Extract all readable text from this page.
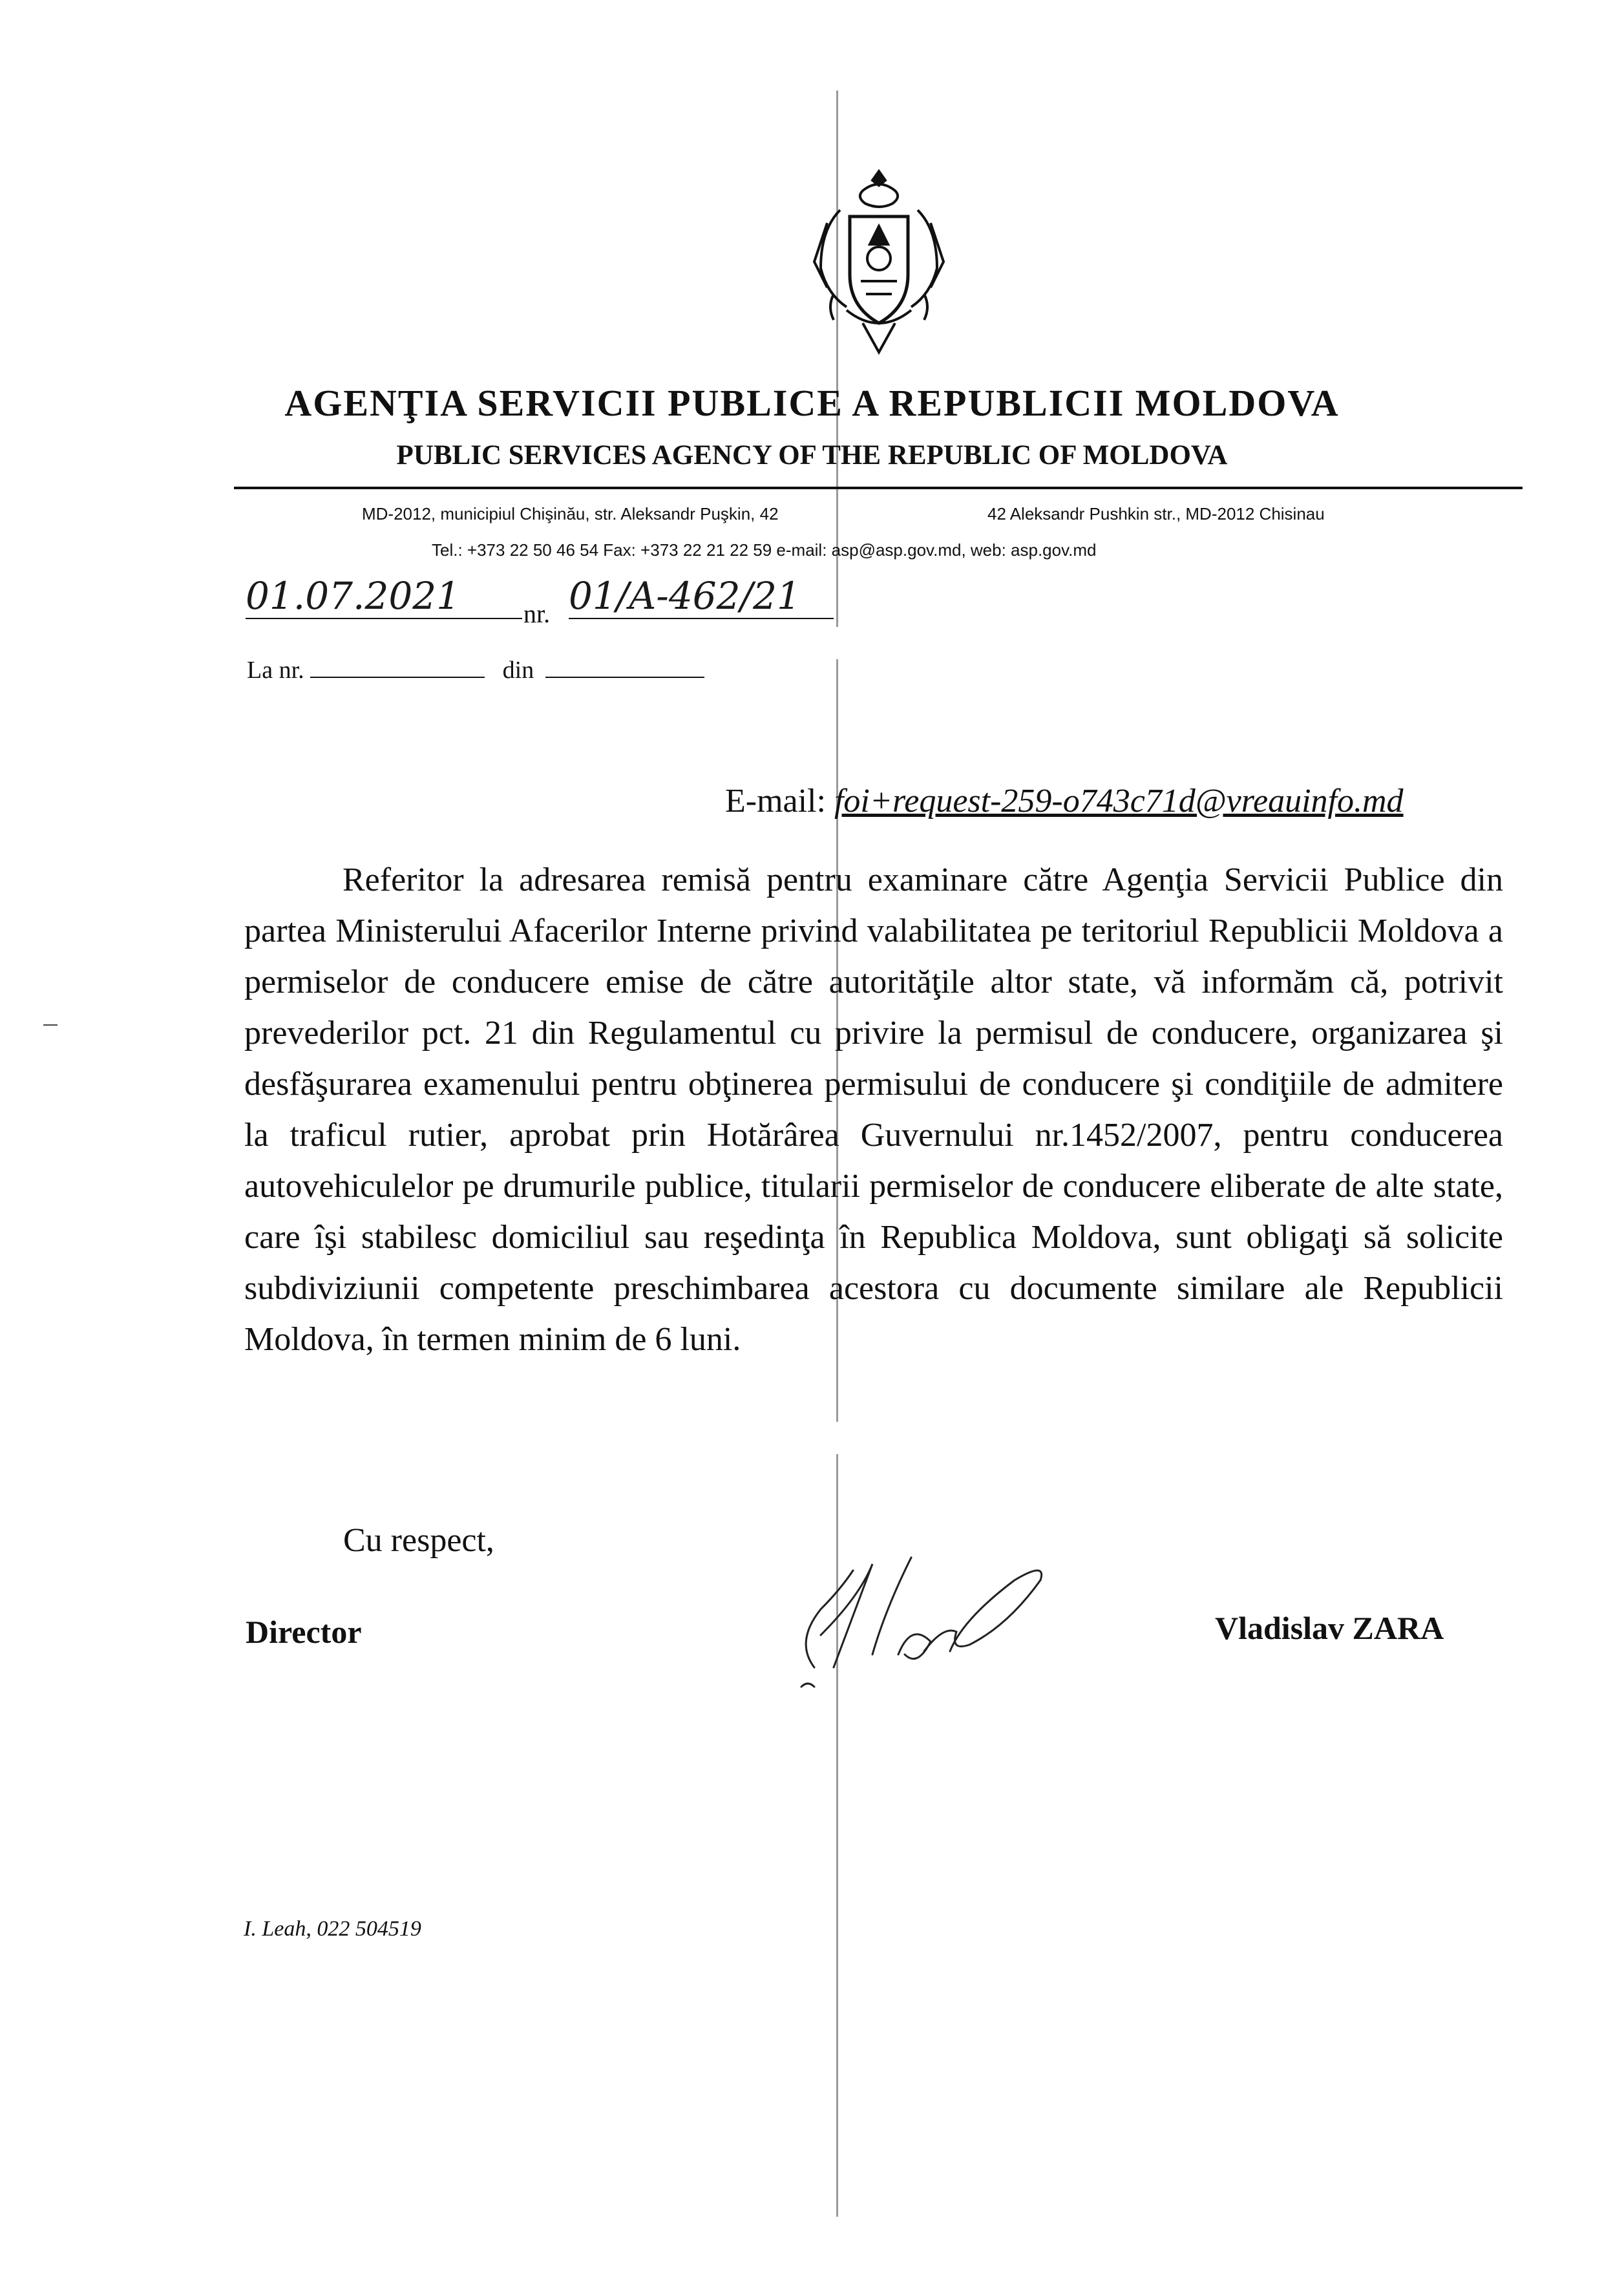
AGENŢIA SERVICII PUBLICE A REPUBLICII MOLDOVA
PUBLIC SERVICES AGENCY OF THE REPUBLIC OF MOLDOVA
MD-2012, municipiul Chişinău, str. Aleksandr Puşkin, 42	42 Aleksandr Pushkin str., MD-2012 Chisinau
Tel.: +373 22 50 46 54 Fax: +373 22 21 22 59 e-mail: asp@asp.gov.md, web: asp.gov.md
01.07.2021	nr. 01/A-462/21
La nr.	din
E-mail: foi+request-259-o743c71d@vreauinfo.md
Referitor la adresarea remisă pentru examinare către Agenţia Servicii Publice din partea Ministerului Afacerilor Interne privind valabilitatea pe teritoriul Republicii Moldova a permiselor de conducere emise de către autorităţile altor state, vă informăm că, potrivit prevederilor pct. 21 din Regulamentul cu privire la permisul de conducere, organizarea şi desfăşurarea examenului pentru obţinerea permisului de conducere şi condiţiile de admitere la traficul rutier, aprobat prin Hotărârea Guvernului nr.1452/2007, pentru conducerea autovehiculelor pe drumurile publice, titularii permiselor de conducere eliberate de alte state, care îşi stabilesc domiciliul sau reşedinţa în Republica Moldova, sunt obligaţi să solicite subdiviziunii competente preschimbarea acestora cu documente similare ale Republicii Moldova, în termen minim de 6 luni.
Cu respect,
Director	Vladislav ZARA
I. Leah, 022 504519
